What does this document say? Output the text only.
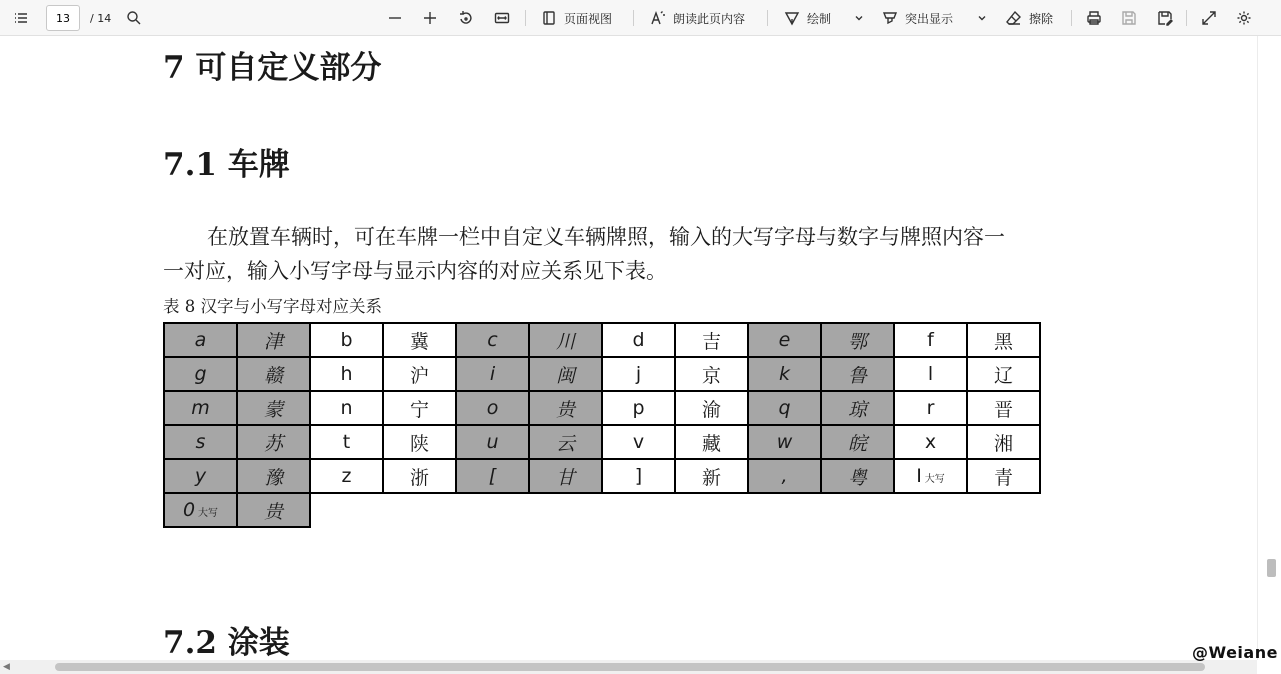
13
/ 14	页面视图	朗读此页内容	绘制	突出显示	擦除
7 可自定义部分
7.1 车牌

在放置车辆时，可在车牌一栏中自定义车辆牌照，输入的大写字母与数字与牌照内容一
一对应，输入小写字母与显示内容的对应关系见下表。

表 8 汉字与小写字母对应关系

a	津	b	冀	c	川	d	吉	e	鄂	f	黑
g	赣	h	沪	i	闽	j	京	k	鲁	l	辽
m	蒙	n	宁	o	贵	p	渝	q	琼	r	晋
s	苏	t	陕	u	云	v	藏	w	皖	x	湘
y	豫	z	浙	[	甘	]	新	,	粤	I 大写	青
0 大写	贵										
7.2 涂装
◀
@Weiane
